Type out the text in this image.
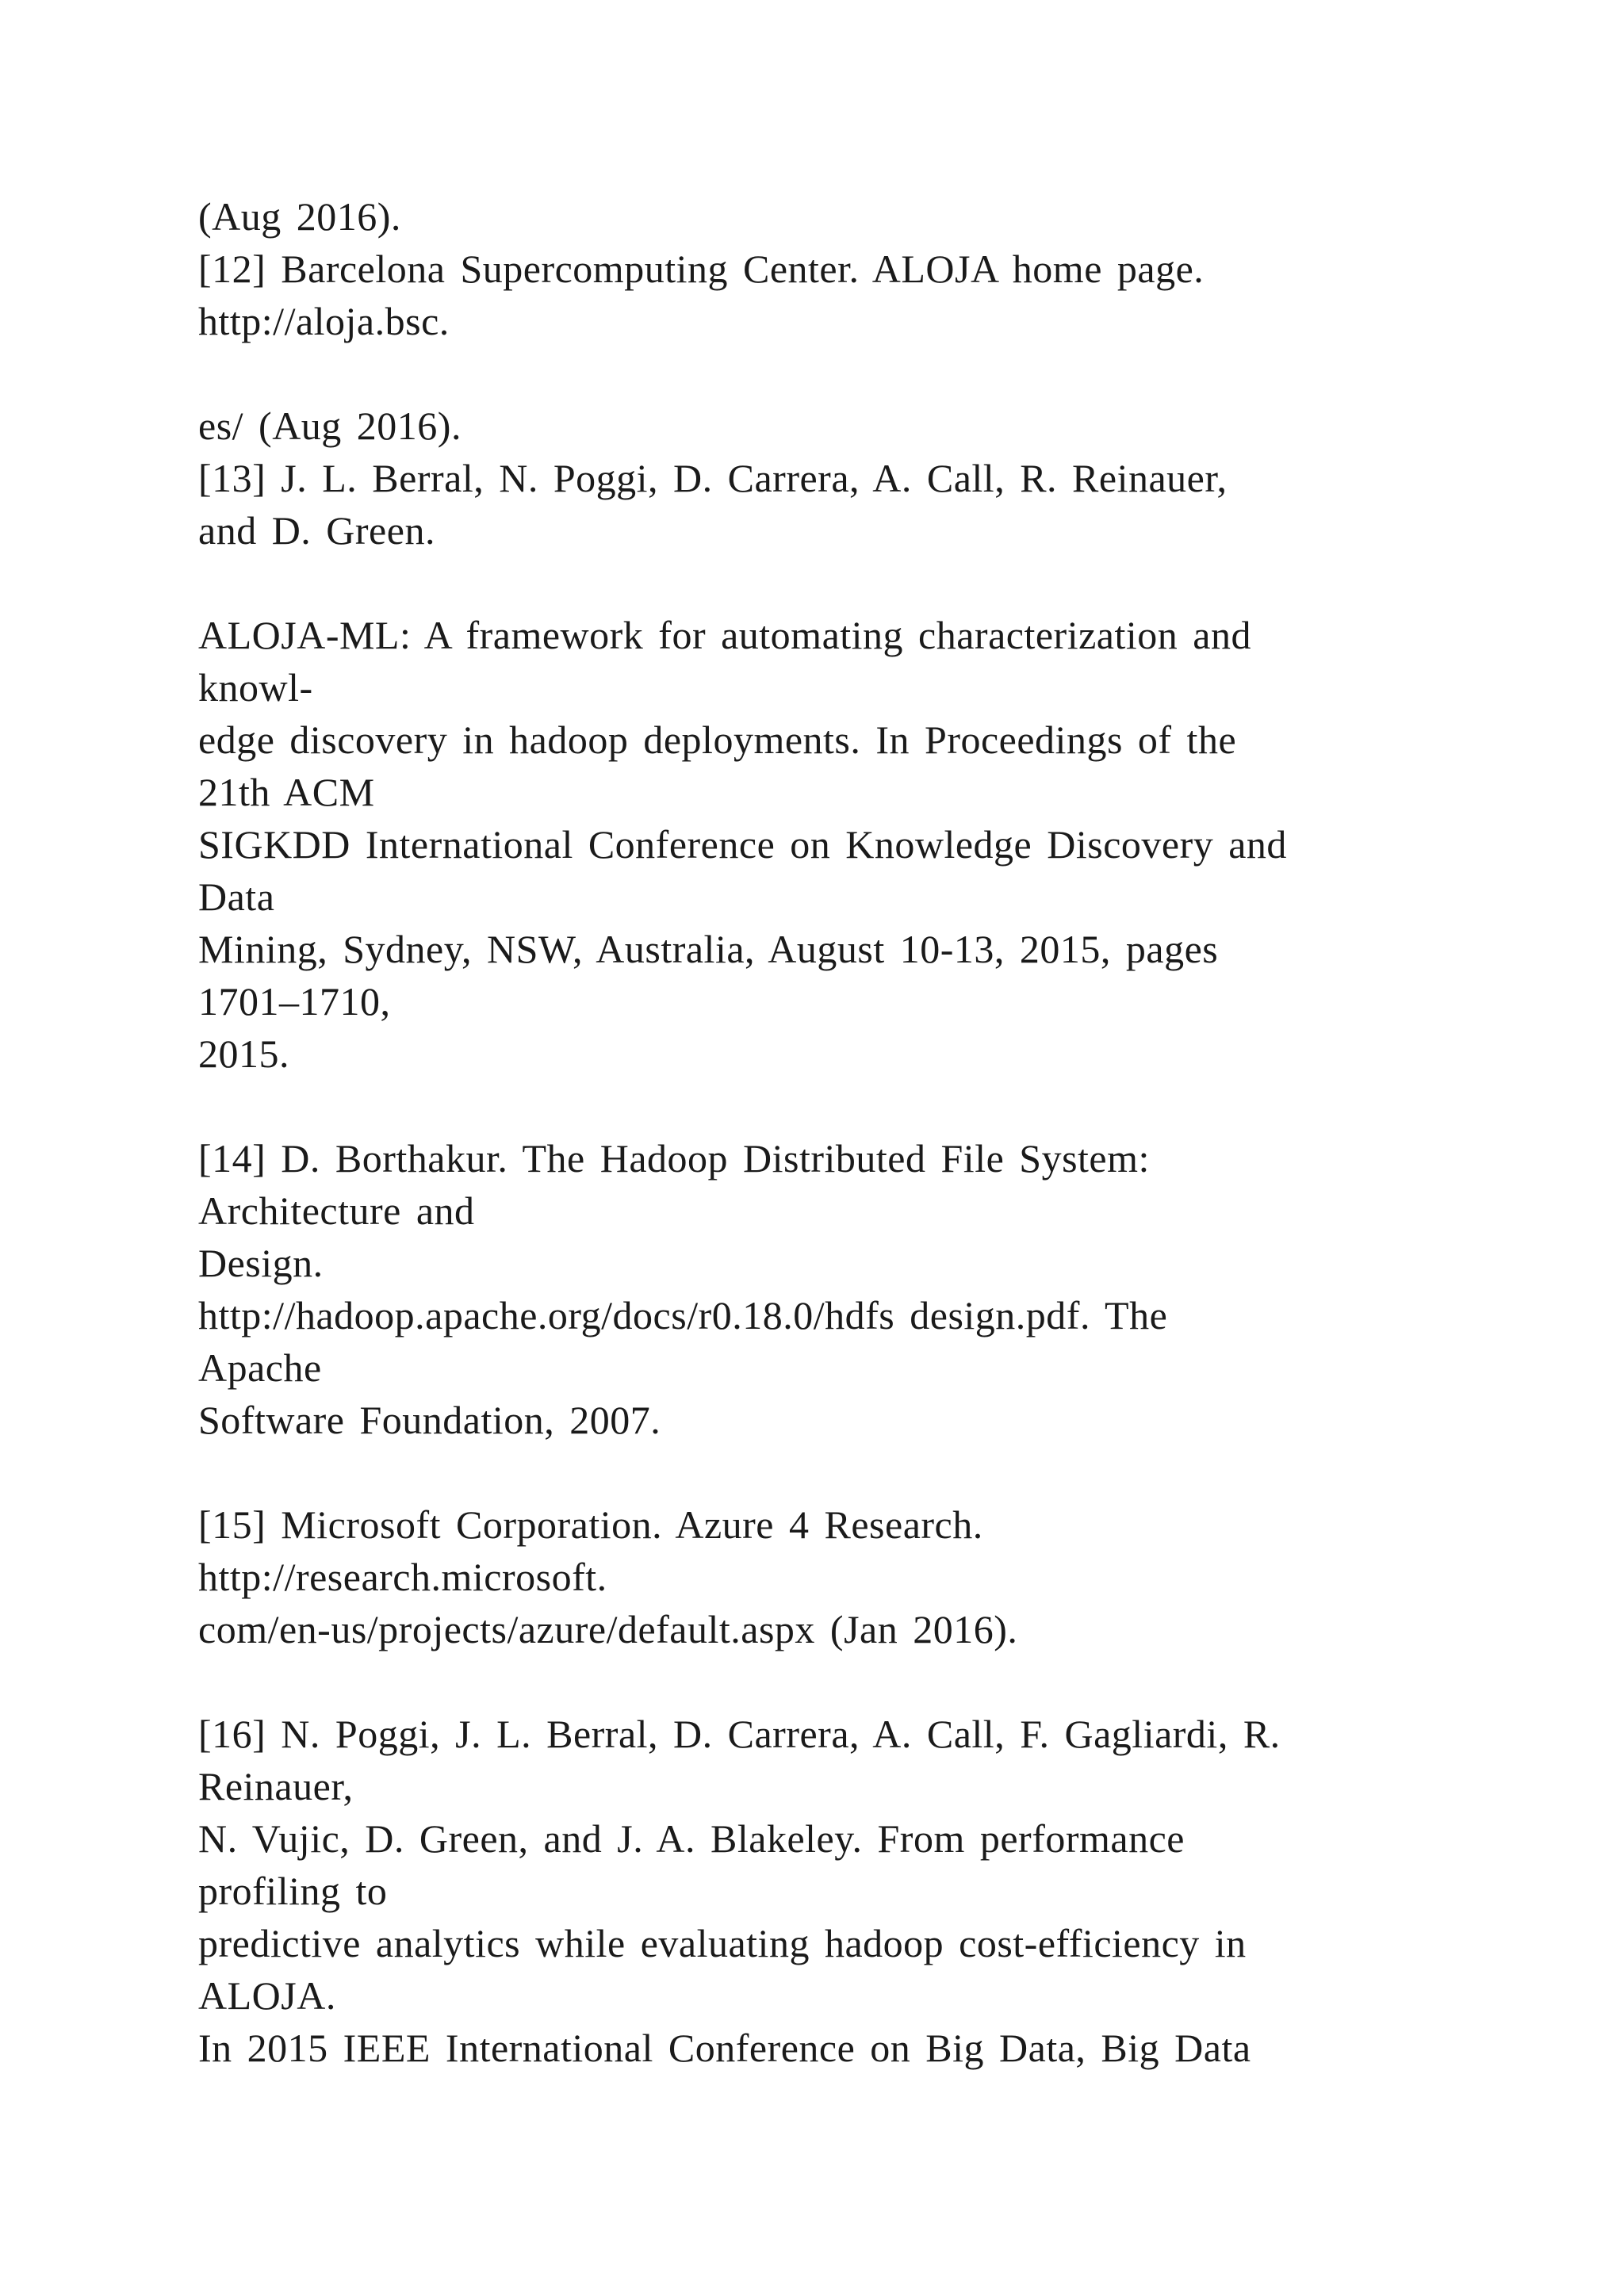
(Aug 2016).
[12] Barcelona Supercomputing Center. ALOJA home page.
http://aloja.bsc.
es/ (Aug 2016).
[13] J. L. Berral, N. Poggi, D. Carrera, A. Call, R. Reinauer,
and D. Green.
ALOJA-ML: A framework for automating characterization and
knowl-
edge discovery in hadoop deployments. In Proceedings of the
21th ACM
SIGKDD International Conference on Knowledge Discovery and
Data
Mining, Sydney, NSW, Australia, August 10-13, 2015, pages
1701–1710,
2015.
[14] D. Borthakur. The Hadoop Distributed File System:
Architecture and
Design.
http://hadoop.apache.org/docs/r0.18.0/hdfs design.pdf. The
Apache
Software Foundation, 2007.
[15] Microsoft Corporation. Azure 4 Research.
http://research.microsoft.
com/en-us/projects/azure/default.aspx (Jan 2016).
[16] N. Poggi, J. L. Berral, D. Carrera, A. Call, F. Gagliardi, R.
Reinauer,
N. Vujic, D. Green, and J. A. Blakeley. From performance
profiling to
predictive analytics while evaluating hadoop cost-efficiency in
ALOJA.
In 2015 IEEE International Conference on Big Data, Big Data
